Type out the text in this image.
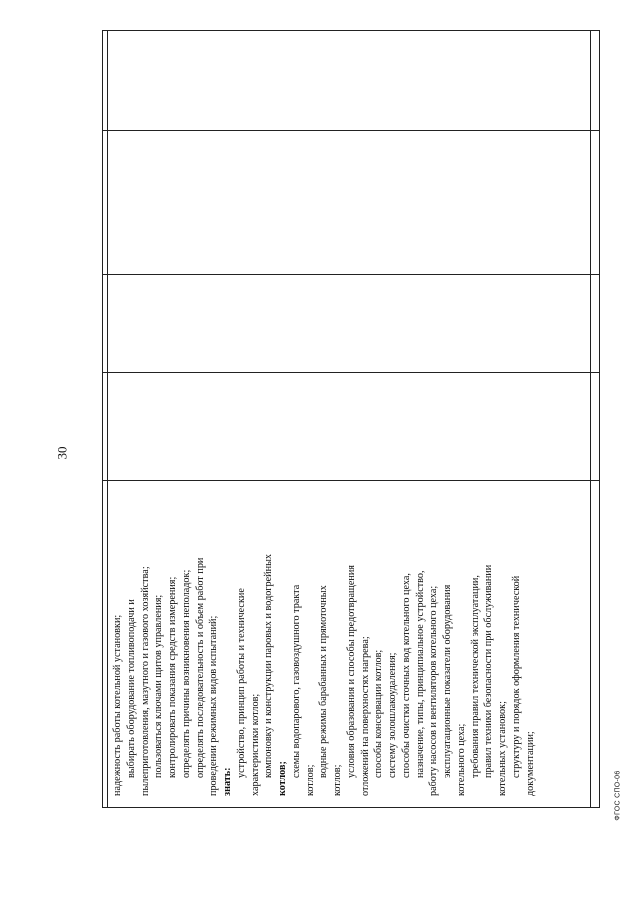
30
ФГОС СПО-06

надежность работы котельной установки; выбирать оборудование топливоподачи и пылеприготовления, мазутного и газового хозяйства; пользоваться ключами щитов управления; контролировать показания средств измерения; определять причины возникновения неполадок; определять последовательность и объем работ при проведении режимных видов испытаний; знать:

устройство, принцип работы и технические характеристики котлов; компоновку и конструкции паровых и водогрейных

котлов;

схемы водопарового, газовоздушного тракта

котлов;

водные режимы барабанных и прямоточных

котлов;

условия образования и способы предотвращения отложений на поверхностях нагрева; способы консервации котлов; систему золошлакоудаления; способы очистки сточных вод котельного цеха, назначение, типы, принципиальное устройство, работу насосов и вентиляторов котельного цеха; эксплуатационные показатели оборудования котельного цеха; требования правил технической эксплуатации, правил техники безопасности при обслуживании котельных установок; структуру и порядок оформления технической документации;
